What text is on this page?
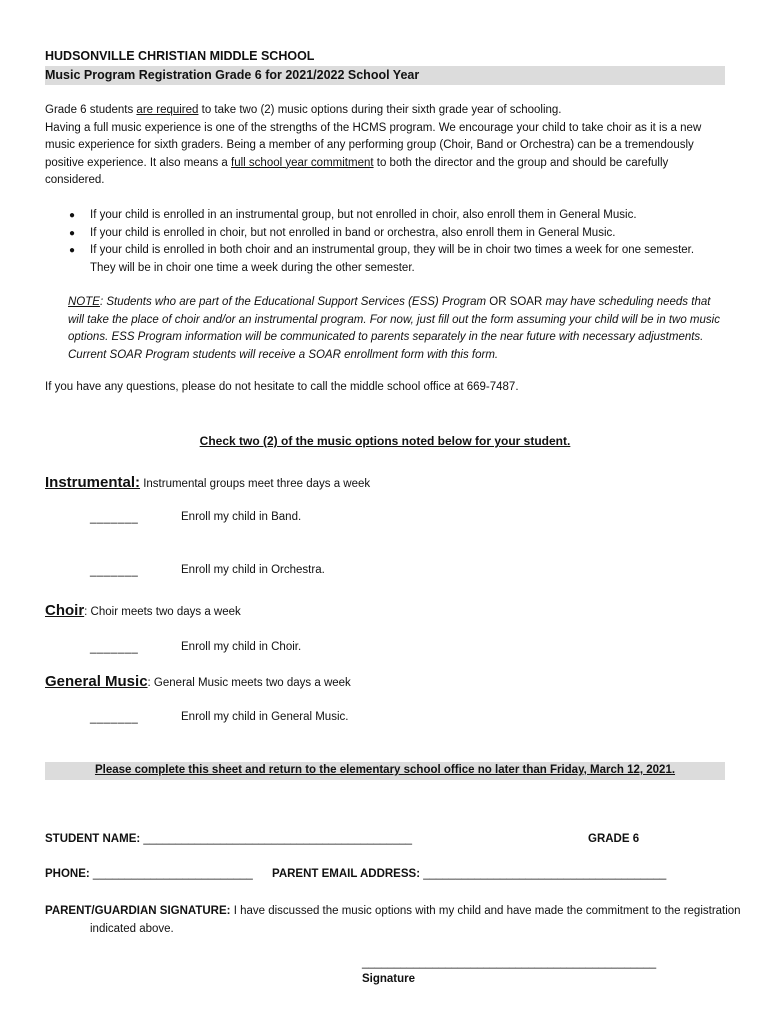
HUDSONVILLE CHRISTIAN MIDDLE SCHOOL
Music Program Registration Grade 6 for 2021/2022 School Year

Grade 6 students are required to take two (2) music options during their sixth grade year of schooling.

Having a full music experience is one of the strengths of the HCMS program. We encourage your child to take choir as it is a new music experience for sixth graders. Being a member of any performing group (Choir, Band or Orchestra) can be a tremendously positive experience. It also means a full school year commitment to both the director and the group and should be carefully considered.

● If your child is enrolled in an instrumental group, but not enrolled in choir, also enroll them in General Music.
● If your child is enrolled in choir, but not enrolled in band or orchestra, also enroll them in General Music.
● If your child is enrolled in both choir and an instrumental group, they will be in choir two times a week for one semester. They will be in choir one time a week during the other semester.
NOTE: Students who are part of the Educational Support Services (ESS) Program OR SOAR may have scheduling needs that will take the place of choir and/or an instrumental program. For now, just fill out the form assuming your child will be in two music options. ESS Program information will be communicated to parents separately in the near future with necessary adjustments. Current SOAR Program students will receive a SOAR enrollment form with this form.
If you have any questions, please do not hesitate to call the middle school office at 669-7487.
Check two (2) of the music options noted below for your student.
Instrumental: Instrumental groups meet three days a week
_______	Enroll my child in Band.
_______	Enroll my child in Orchestra.
Choir: Choir meets two days a week
_______	Enroll my child in Choir.
General Music: General Music meets two days a week
_______	Enroll my child in General Music.
Please complete this sheet and return to the elementary school office no later than Friday, March 12, 2021.
STUDENT NAME: __________________________________________	GRADE 6
PHONE: _________________________ PARENT EMAIL ADDRESS: ______________________________________
PARENT/GUARDIAN SIGNATURE: I have discussed the music options with my child and have made the commitment to the registration indicated above.
______________________________________________
Signature
